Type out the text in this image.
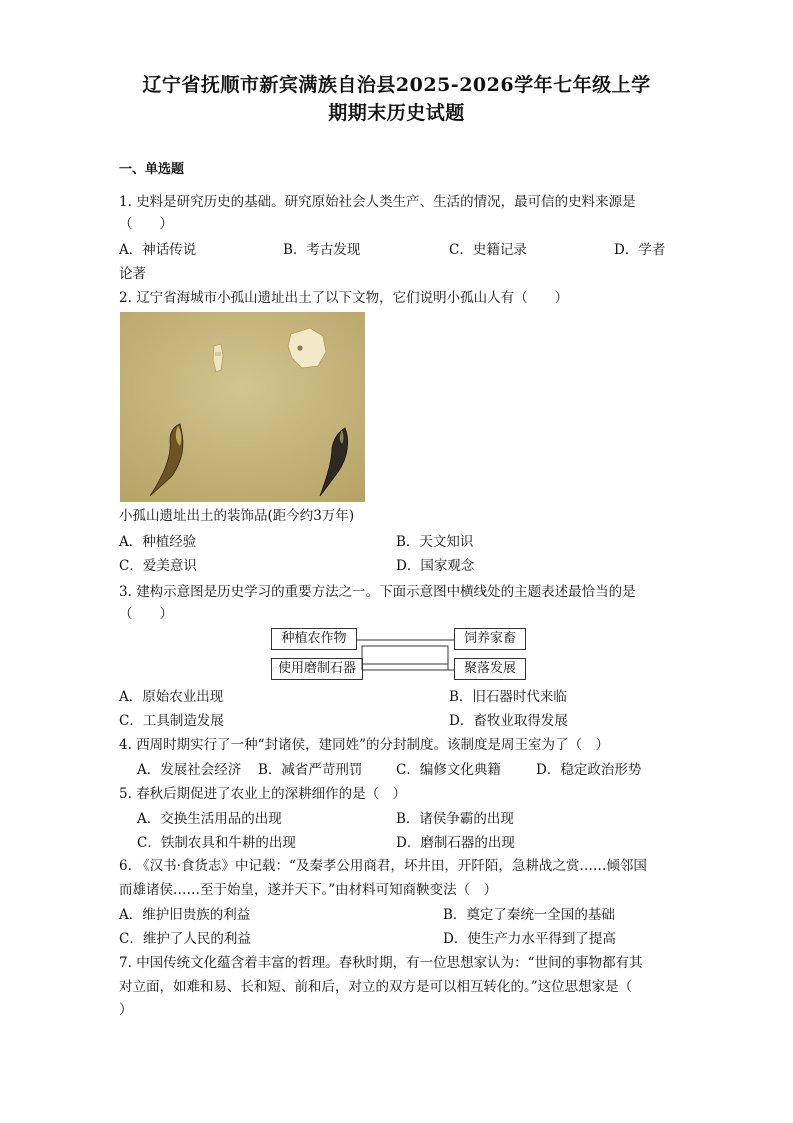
辽宁省抚顺市新宾满族自治县2025-2026学年七年级上学
期期末历史试题
一、单选题
1. 史料是研究历史的基础。研究原始社会人类生产、生活的情况，最可信的史料来源是
（　　）
A．神话传说	B．考古发现	C．史籍记录	D．学者
论著
2. 辽宁省海城市小孤山遗址出土了以下文物，它们说明小孤山人有（　　）
小孤山遗址出土的装饰品(距今约3万年)
A．种植经验	B．天文知识
C．爱美意识	D．国家观念
3. 建构示意图是历史学习的重要方法之一。下面示意图中横线处的主题表述最恰当的是
（　　）
种植农作物
使用磨制石器
饲养家畜
聚落发展
A．原始农业出现	B．旧石器时代来临
C．工具制造发展	D．畜牧业取得发展
4. 西周时期实行了一种“封诸侯，建同姓”的分封制度。该制度是周王室为了（　）
A．发展社会经济 B．减省严苛刑罚 C．编修文化典籍	D．稳定政治形势
5. 春秋后期促进了农业上的深耕细作的是（　）
A．交换生活用品的出现	B．诸侯争霸的出现
C．铁制农具和牛耕的出现	D．磨制石器的出现
6. 《汉书·食货志》中记载：“及秦孝公用商君，坏井田，开阡陌，急耕战之赏……倾邻国
而雄诸侯……至于始皇，遂并天下。”由材料可知商鞅变法（　）
A．维护旧贵族的利益	B．奠定了秦统一全国的基础
C．维护了人民的利益	D．使生产力水平得到了提高
7. 中国传统文化蕴含着丰富的哲理。春秋时期，有一位思想家认为：“世间的事物都有其
对立面，如难和易、长和短、前和后，对立的双方是可以相互转化的。”这位思想家是（
）
